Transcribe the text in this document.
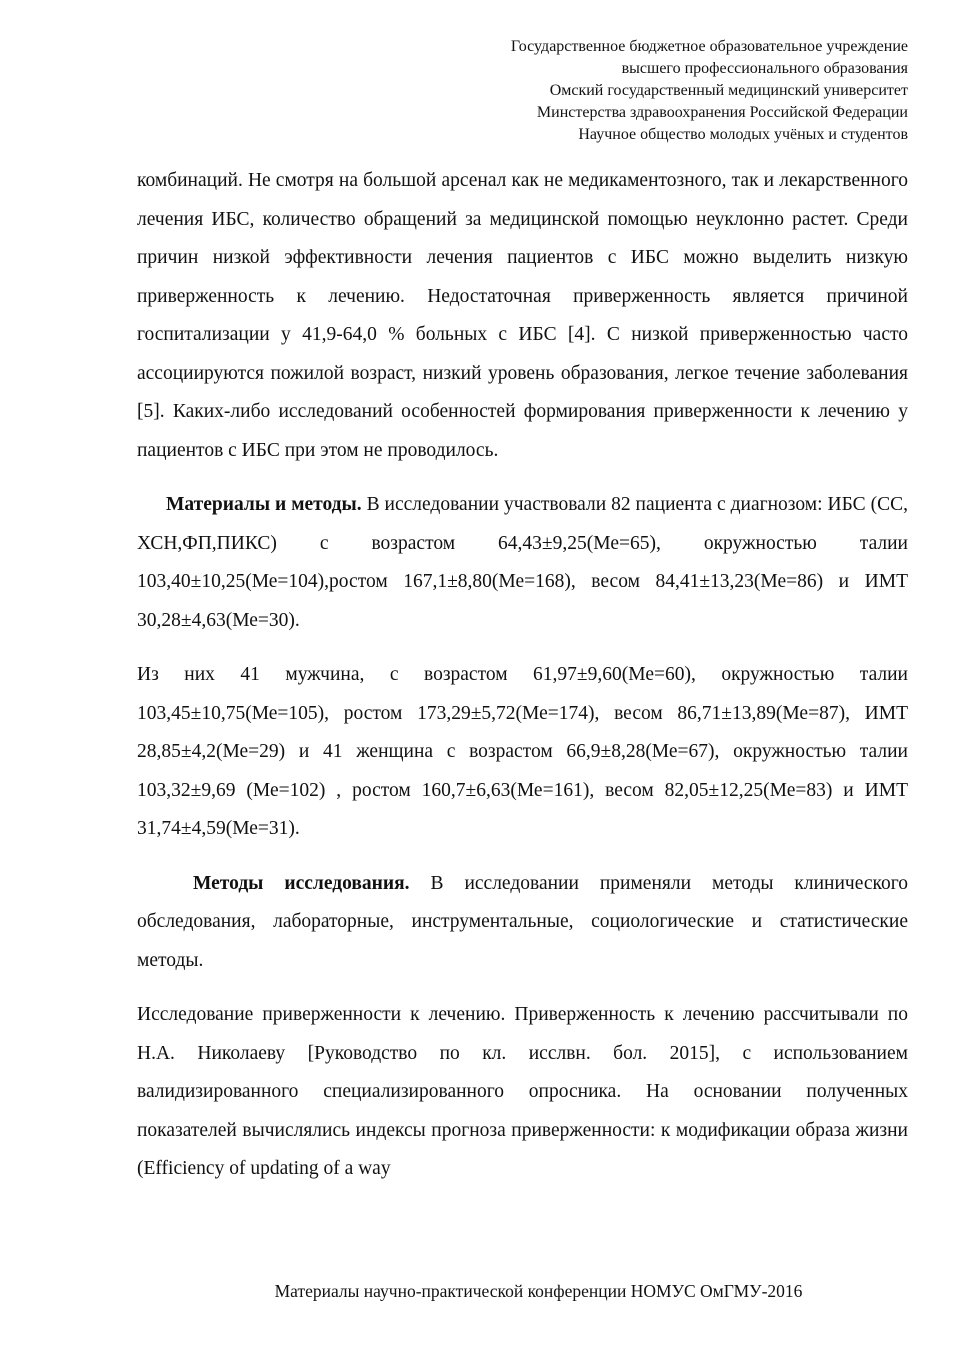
Государственное бюджетное образовательное учреждение
высшего профессионального образования
Омский государственный медицинский университет
Минстерства здравоохранения Российской Федерации
Научное общество молодых учёных и студентов

комбинаций. Не смотря на большой арсенал как не медикаментозного, так и лекарственного лечения ИБС, количество обращений за медицинской помощью неуклонно растет. Среди причин низкой эффективности лечения пациентов с ИБС можно выделить низкую приверженность к лечению. Недостаточная приверженность является причиной госпитализации у 41,9-64,0 % больных с ИБС [4]. С низкой приверженностью часто ассоциируются пожилой возраст, низкий уровень образования, легкое течение заболевания [5]. Каких-либо исследований особенностей формирования приверженности к лечению у пациентов с ИБС при этом не проводилось.

Материалы и методы. В исследовании участвовали 82 пациента с диагнозом: ИБС (СС, ХСН,ФП,ПИКС) с возрастом 64,43±9,25(Ме=65), окружностью талии 103,40±10,25(Ме=104),ростом 167,1±8,80(Ме=168), весом 84,41±13,23(Ме=86) и ИМТ 30,28±4,63(Ме=30).

Из них 41 мужчина, с возрастом 61,97±9,60(Ме=60), окружностью талии 103,45±10,75(Ме=105), ростом 173,29±5,72(Ме=174), весом 86,71±13,89(Ме=87), ИМТ 28,85±4,2(Ме=29) и 41 женщина с возрастом 66,9±8,28(Ме=67), окружностью талии 103,32±9,69 (Ме=102) , ростом 160,7±6,63(Ме=161), весом 82,05±12,25(Ме=83) и ИМТ 31,74±4,59(Ме=31).

Методы исследования. В исследовании применяли методы клинического обследования, лабораторные, инструментальные, социологические и статистические методы.

Исследование приверженности к лечению. Приверженность к лечению рассчитывали по Н.А. Николаеву [Руководство по кл. исслвн. бол. 2015], с использованием валидизированного специализированного опросника. На основании полученных показателей вычислялись индексы прогноза приверженности: к модификации образа жизни (Efficiency of updating of a way

Материалы научно-практической конференции НОМУС ОмГМУ-2016
